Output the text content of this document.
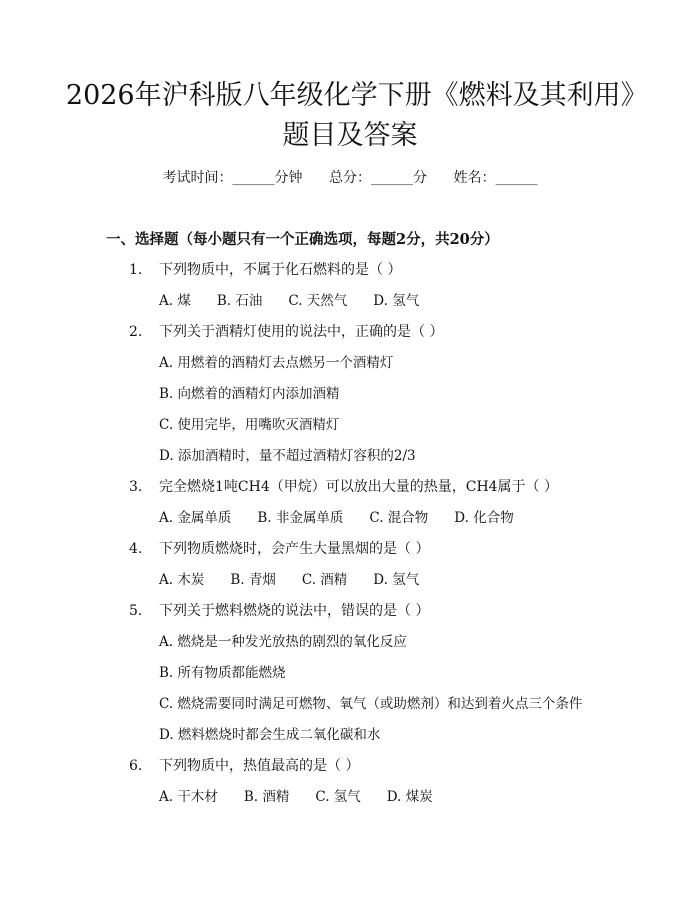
2026年沪科版八年级化学下册《燃料及其利用》题目及答案
考试时间：______分钟 总分：______分 姓名：______
一、选择题（每小题只有一个正确选项，每题2分，共20分）
1. 下列物质中，不属于化石燃料的是（ ）
A. 煤 B. 石油 C. 天然气 D. 氢气
2. 下列关于酒精灯使用的说法中，正确的是（ ）
A. 用燃着的酒精灯去点燃另一个酒精灯
B. 向燃着的酒精灯内添加酒精
C. 使用完毕，用嘴吹灭酒精灯
D. 添加酒精时，量不超过酒精灯容积的2/3
3. 完全燃烧1吨CH4（甲烷）可以放出大量的热量，CH4属于（ ）
A. 金属单质 B. 非金属单质 C. 混合物 D. 化合物
4. 下列物质燃烧时，会产生大量黑烟的是（ ）
A. 木炭 B. 青烟 C. 酒精 D. 氢气
5. 下列关于燃料燃烧的说法中，错误的是（ ）
A. 燃烧是一种发光放热的剧烈的氧化反应
B. 所有物质都能燃烧
C. 燃烧需要同时满足可燃物、氧气（或助燃剂）和达到着火点三个条件
D. 燃料燃烧时都会生成二氧化碳和水
6. 下列物质中，热值最高的是（ ）
A. 干木材 B. 酒精 C. 氢气 D. 煤炭
